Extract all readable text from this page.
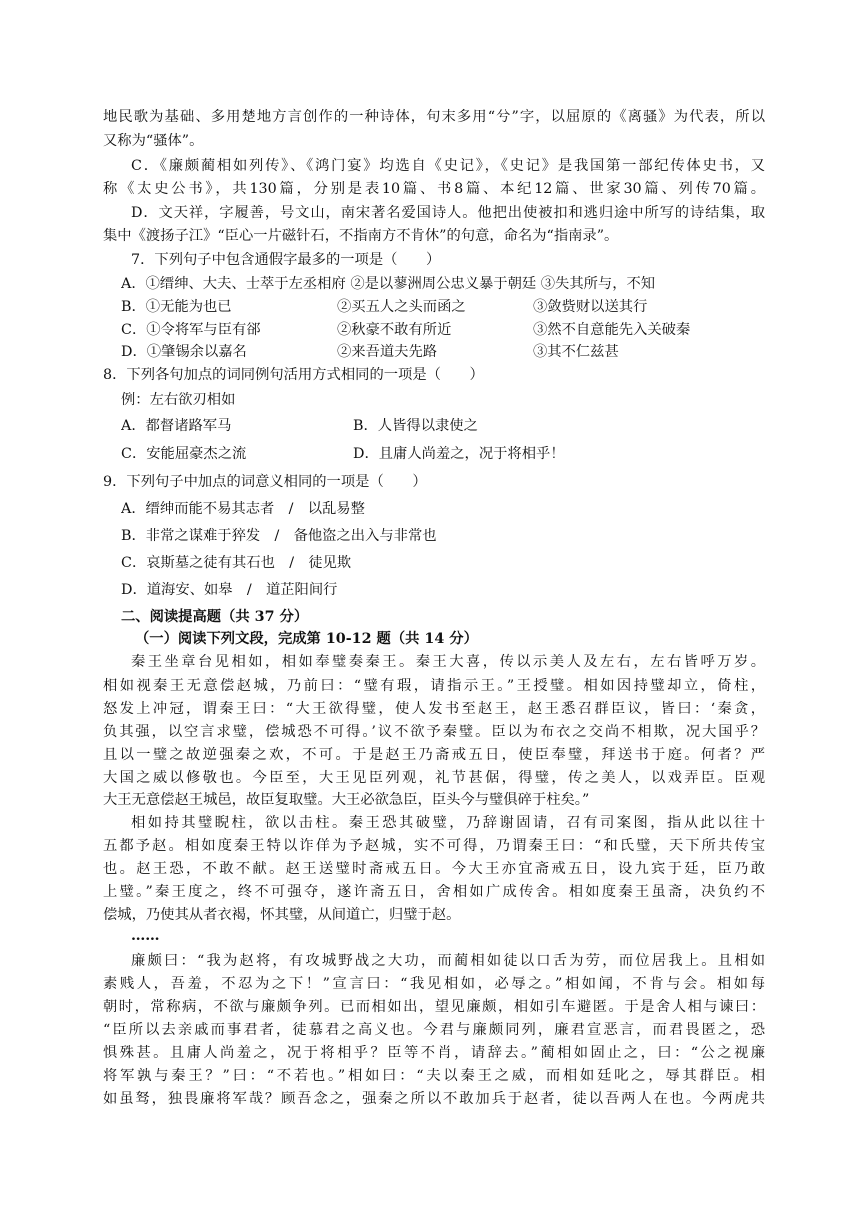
地民歌为基础、多用楚地方言创作的一种诗体，句末多用“兮”字，以屈原的《离骚》为代表，所以
又称为“骚体”。
C．《廉颇蔺相如列传》、《鸿门宴》均选自《史记》，《史记》是我国第一部纪传体史书，又
称《太史公书》，共130篇，分别是表10篇、书8篇、本纪12篇、世家30篇、列传70篇。
D．文天祥，字履善，号文山，南宋著名爱国诗人。他把出使被扣和逃归途中所写的诗结集，取
集中《渡扬子江》“臣心一片磁针石，不指南方不肯休”的句意，命名为“指南录”。
7．下列句子中包含通假字最多的一项是（　　）
A．①缙绅、大夫、士萃于左丞相府 ②是以蓼洲周公忠义暴于朝廷 ③失其所与，不知
B．①无能为也已	②买五人之头而函之	③敛赀财以送其行
C．①令将军与臣有郤	②秋豪不敢有所近	③然不自意能先入关破秦
D．①肇锡余以嘉名	②来吾道夫先路	③其不仁兹甚
8．下列各句加点的词同例句活用方式相同的一项是（　　）
例：左右欲刃相如
A．都督诸路军马	B．人皆得以隶使之
C．安能屈豪杰之流	D．且庸人尚羞之，况于将相乎！
9．下列句子中加点的词意义相同的一项是（　　）
A．缙绅而能不易其志者　/　以乱易整
B．非常之谋难于猝发　/　备他盗之出入与非常也
C．哀斯墓之徒有其石也　/　徒见欺
D．道海安、如皋　/　道芷阳间行
二、阅读提高题（共 37 分）
（一）阅读下列文段，完成第 10-12 题（共 14 分）
秦王坐章台见相如，相如奉璧奏秦王。秦王大喜，传以示美人及左右，左右皆呼万岁。
相如视秦王无意偿赵城，乃前曰：“璧有瑕，请指示王。”王授璧。相如因持璧却立，倚柱，
怒发上冲冠，谓秦王曰：“大王欲得璧，使人发书至赵王，赵王悉召群臣议，皆曰：‘秦贪，
负其强，以空言求璧，偿城恐不可得。’议不欲予秦璧。臣以为布衣之交尚不相欺，况大国乎？
且以一璧之故逆强秦之欢，不可。于是赵王乃斋戒五日，使臣奉璧，拜送书于庭。何者？严
大国之威以修敬也。今臣至，大王见臣列观，礼节甚倨，得璧，传之美人，以戏弄臣。臣观
大王无意偿赵王城邑，故臣复取璧。大王必欲急臣，臣头今与璧俱碎于柱矣。”
相如持其璧睨柱，欲以击柱。秦王恐其破璧，乃辞谢固请，召有司案图，指从此以往十
五都予赵。相如度秦王特以诈佯为予赵城，实不可得，乃谓秦王曰：“和氏璧，天下所共传宝
也。赵王恐，不敢不献。赵王送璧时斋戒五日。今大王亦宜斋戒五日，设九宾于廷，臣乃敢
上璧。”秦王度之，终不可强夺，遂许斋五日，舍相如广成传舍。相如度秦王虽斋，决负约不
偿城，乃使其从者衣褐，怀其璧，从间道亡，归璧于赵。
……
廉颇曰：“我为赵将，有攻城野战之大功，而蔺相如徒以口舌为劳，而位居我上。且相如
素贱人，吾羞，不忍为之下！”宣言曰：“我见相如，必辱之。”相如闻，不肯与会。相如每
朝时，常称病，不欲与廉颇争列。已而相如出，望见廉颇，相如引车避匿。于是舍人相与谏曰：
“臣所以去亲戚而事君者，徒慕君之高义也。今君与廉颇同列，廉君宣恶言，而君畏匿之，恐
惧殊甚。且庸人尚羞之，况于将相乎？臣等不肖，请辞去。”蔺相如固止之，曰：“公之视廉
将军孰与秦王？”曰：“不若也。”相如曰：“夫以秦王之威，而相如廷叱之，辱其群臣。相
如虽驽，独畏廉将军哉？顾吾念之，强秦之所以不敢加兵于赵者，徒以吾两人在也。今两虎共
